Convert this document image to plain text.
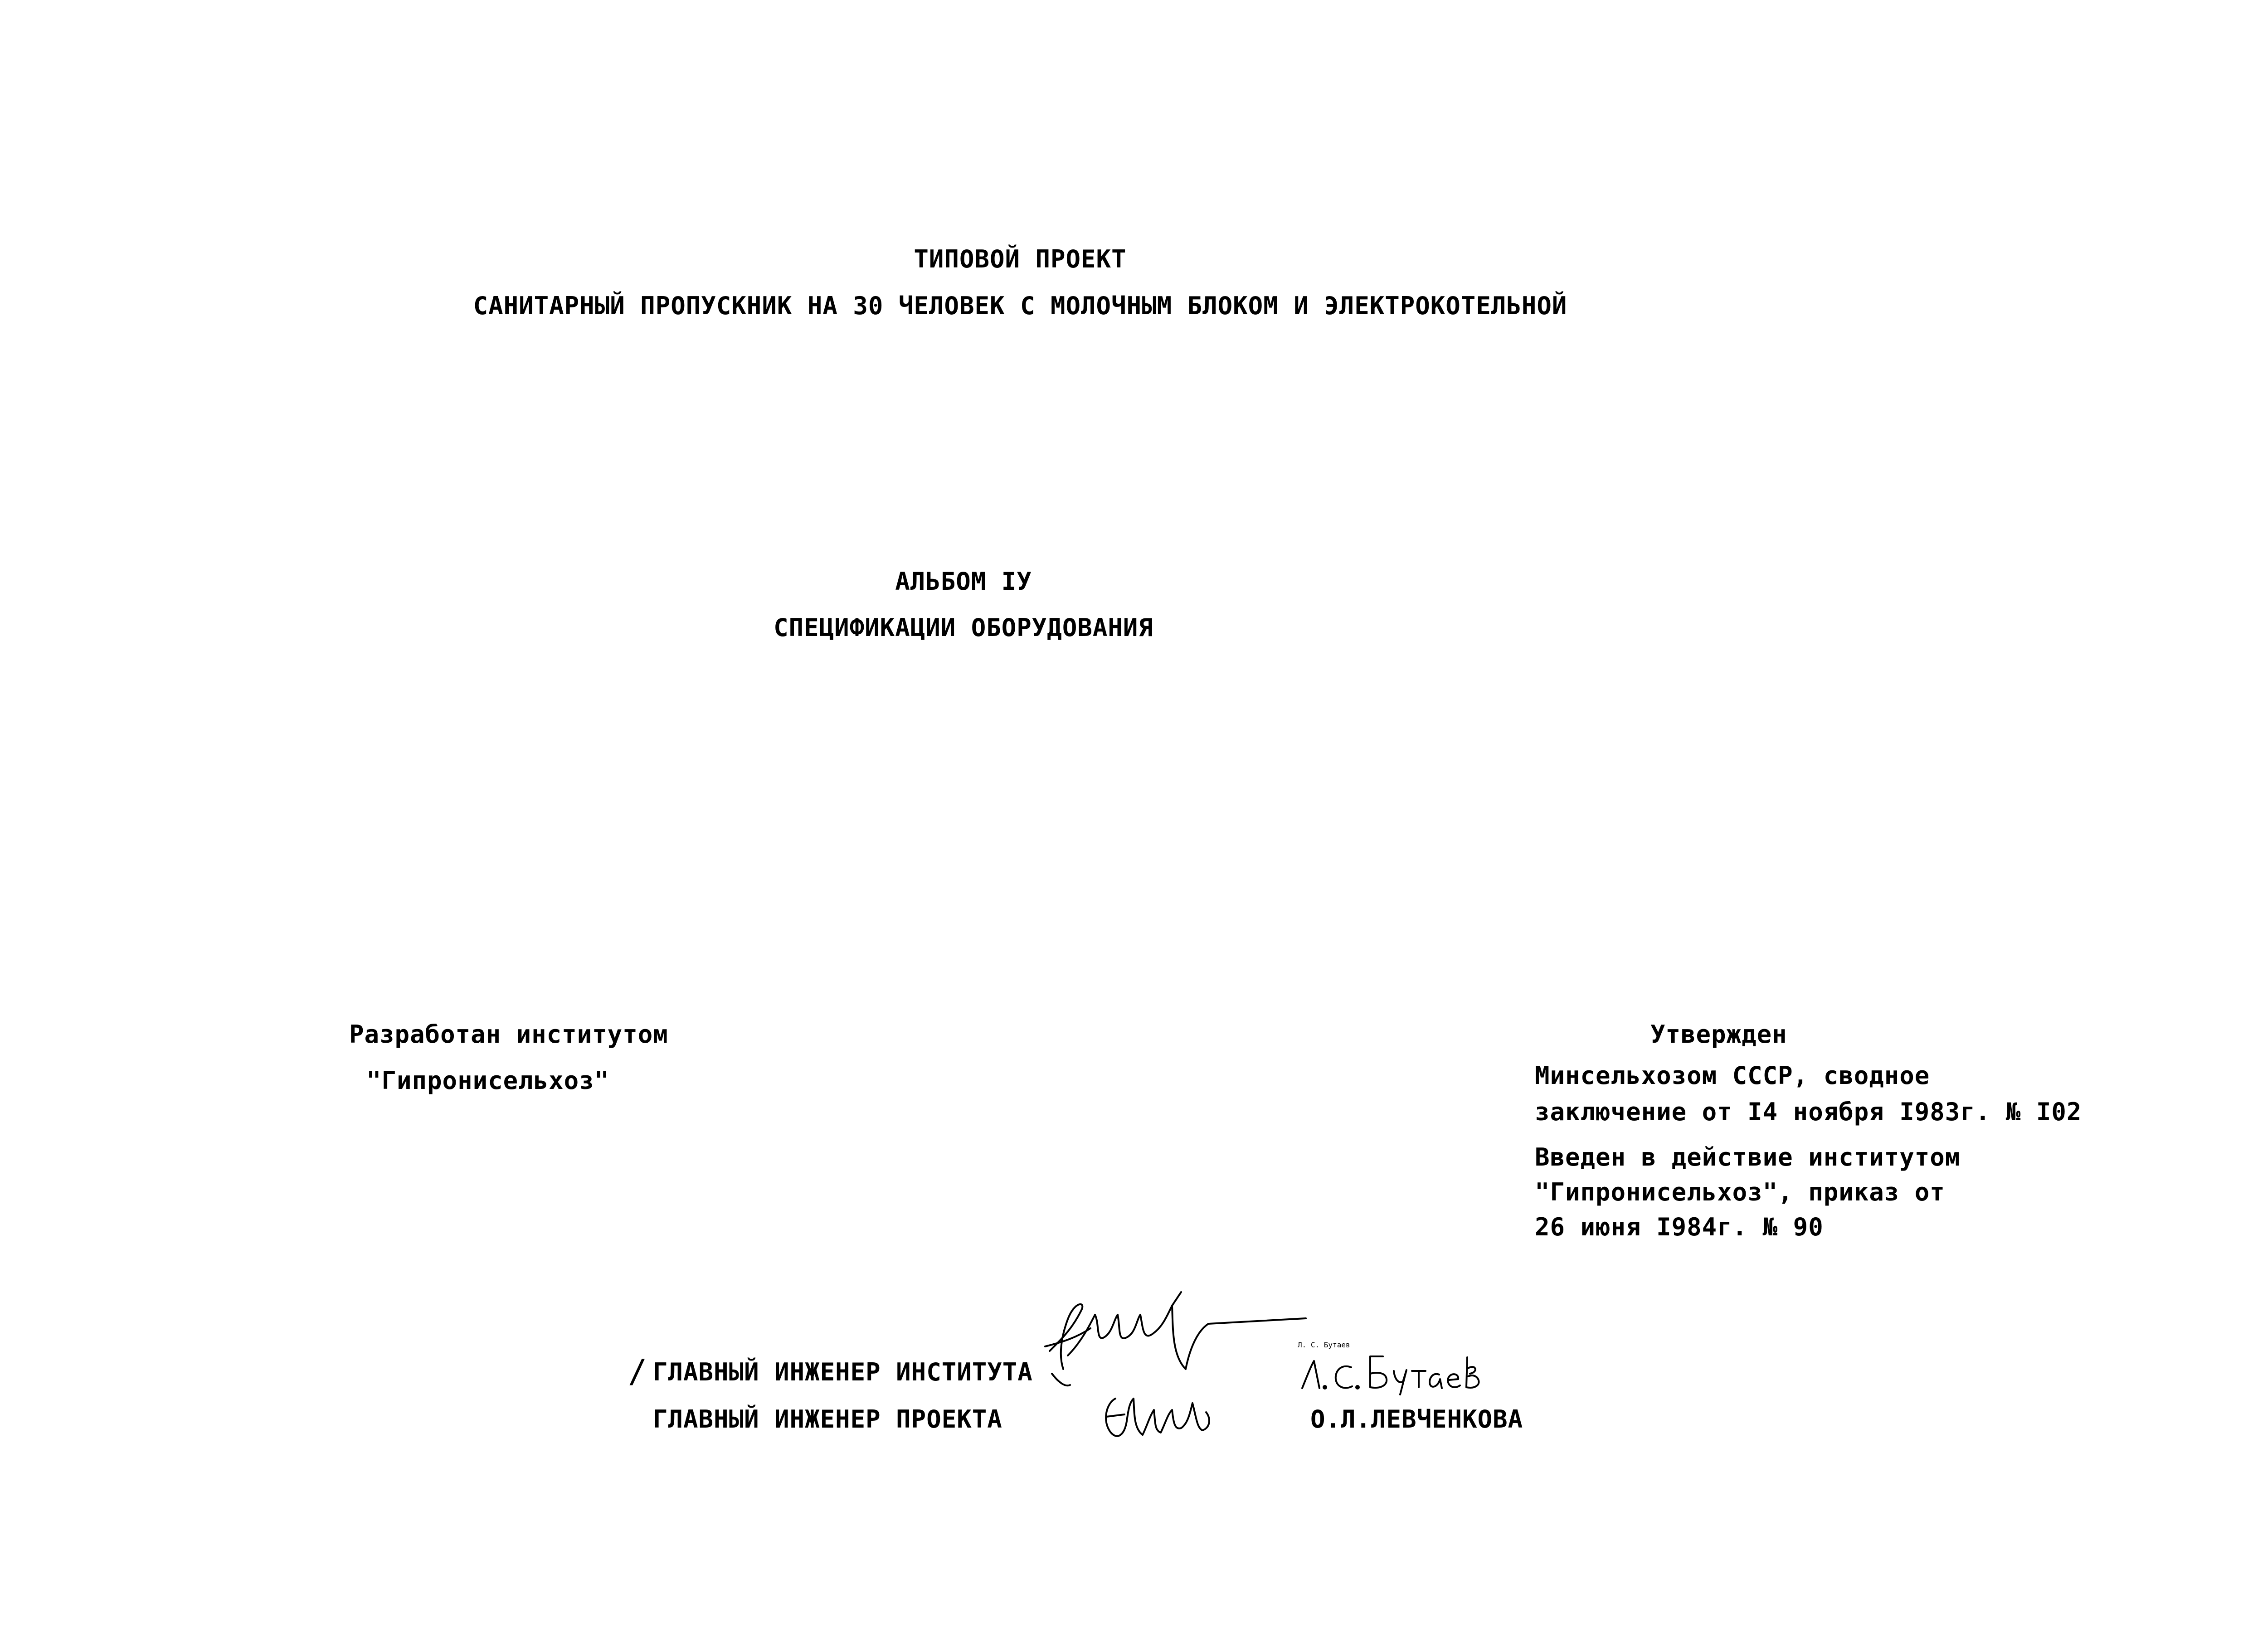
ТИПОВОЙ ПРОЕКТ
САНИТАРНЫЙ ПРОПУСКНИК НА 30 ЧЕЛОВЕК С МОЛОЧНЫМ БЛОКОМ И ЭЛЕКТРОКОТЕЛЬНОЙ
АЛЬБОМ IУ
СПЕЦИФИКАЦИИ ОБОРУДОВАНИЯ
Разработан институтом
"Гипронисельхоз"
Утвержден
Минсельхозом СССР, сводное
заключение от I4 ноября I983г. № I02
Введен в действие институтом
"Гипронисельхоз", приказ от
26 июня I984г. № 90
/ ГЛАВНЫЙ ИНЖЕНЕР ИНСТИТУТА
ГЛАВНЫЙ ИНЖЕНЕР ПРОЕКТА	О.Л.ЛЕВЧЕНКОВА
Л. С. Бутаев
